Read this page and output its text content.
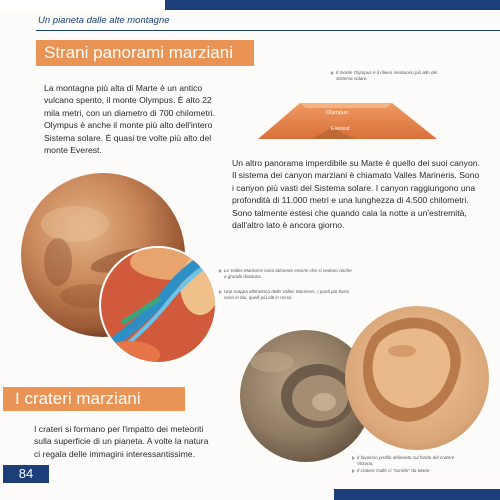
Un pianeta dalle alte montagne
Strani panorami marziani
La montagna più alta di Marte è un antico vulcano spento, il monte Olympus. È alto 22 mila metri, con un diametro di 700 chilometri. Olympus è anche il monte più alto dell'intero Sistema solare. È quasi tre volte più alto del monte Everest.
Il monte Olympus è il rilievo montuoso più alto del Sistema solare.
Olympus
Everest
Un altro panorama imperdibile su Marte è quello dei suoi canyon. Il sistema dei canyon marziani è chiamato Valles Marineris. Sono i canyon più vasti del Sistema solare. I canyon raggiungono una profondità di 11.000 metri e una lunghezza di 4.500 chilometri. Sono talmente estesi che quando cala la notte a un'estremità, dall'altro lato è ancora giorno.
Le Valles Marineris sono talmente enormi che si vedono anche a grande distanza.
Una mappa altimetrica delle Valles Marineris. I punti più bassi sono in blu, quelli più alti in rosso.
I crateri marziani
I crateri si formano per l'impatto dei meteoriti sulla superficie di un pianeta. A volte la natura ci regala delle immagini interessantissime.	Il favoloso profilo delineato sul fondo del cratere Victoria.
Il cratere Galle ci "sorride" da Marte.
84
